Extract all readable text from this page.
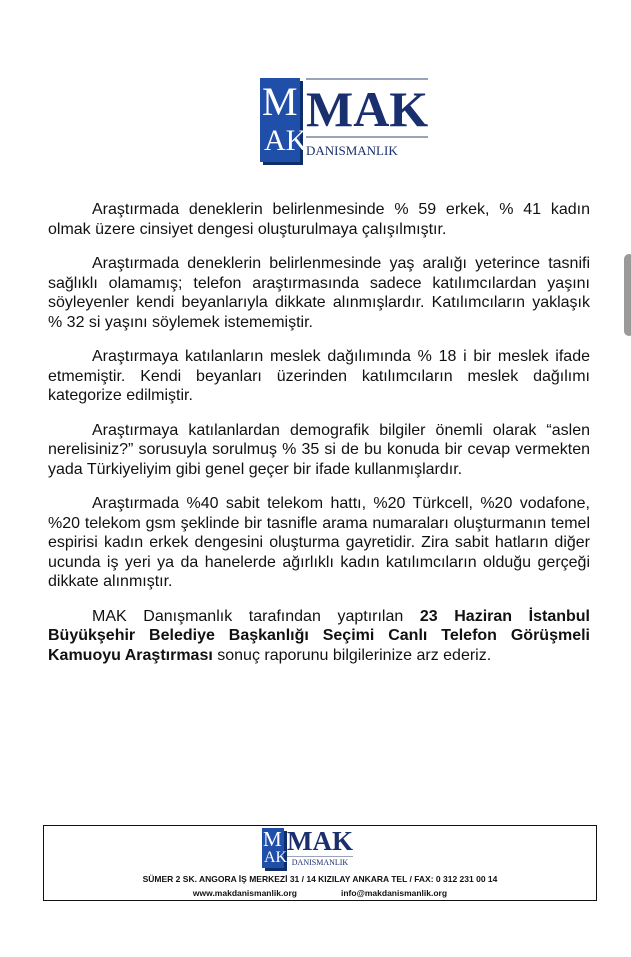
M
AK
MAK
DANISMANLIK

Araştırmada deneklerin belirlenmesinde % 59 erkek, % 41 kadın olmak üzere cinsiyet dengesi oluşturulmaya çalışılmıştır.

Araştırmada deneklerin belirlenmesinde yaş aralığı yeterince tasnifi sağlıklı olamamış; telefon araştırmasında sadece katılımcılardan yaşını söyleyenler kendi beyanlarıyla dikkate alınmışlardır. Katılımcıların yaklaşık % 32 si yaşını söylemek istememiştir.

Araştırmaya katılanların meslek dağılımında % 18 i bir meslek ifade etmemiştir. Kendi beyanları üzerinden katılımcıların meslek dağılımı kategorize edilmiştir.

Araştırmaya katılanlardan demografik bilgiler önemli olarak “aslen nerelisiniz?” sorusuyla sorulmuş % 35 si de bu konuda bir cevap vermekten yada Türkiyeliyim gibi genel geçer bir ifade kullanmışlardır.

Araştırmada %40 sabit telekom hattı, %20 Türkcell, %20 vodafone, %20 telekom gsm şeklinde bir tasnifle arama numaraları oluşturmanın temel espirisi kadın erkek dengesini oluşturma gayretidir. Zira sabit hatların diğer ucunda iş yeri ya da hanelerde ağırlıklı kadın katılımcıların olduğu gerçeği dikkate alınmıştır.

MAK Danışmanlık tarafından yaptırılan 23 Haziran İstanbul Büyükşehir Belediye Başkanlığı Seçimi Canlı Telefon Görüşmeli Kamuoyu Araştırması sonuç raporunu bilgilerinize arz ederiz.

M
AK
MAK
DANISMANLIK
SÜMER 2 SK. ANGORA İŞ MERKEZİ 31 / 14 KIZILAY ANKARA TEL / FAX: 0 312 231 00 14
www.makdanismanlik.org	info@makdanismanlik.org
